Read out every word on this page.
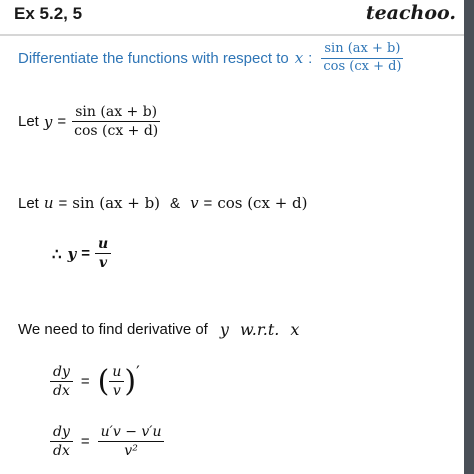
Ex 5.2, 5	teachoo.
Differentiate the functions with respect to x : $\frac{\sin (ax + b)}{\cos (cx + d)}$
Let $y = \frac{\sin (ax + b)}{\cos (cx + d)}$
Let u = sin (ax + b) & v = cos (cx + d)
∴ $y = \frac{u}{v}$
We need to find derivative of y w.r.t. x
$\frac{dy}{dx}$ = ( $\frac{u}{v}$ ) ′
$\frac{dy}{dx} = \frac{u'v - v'u}{\text{v²}}$
